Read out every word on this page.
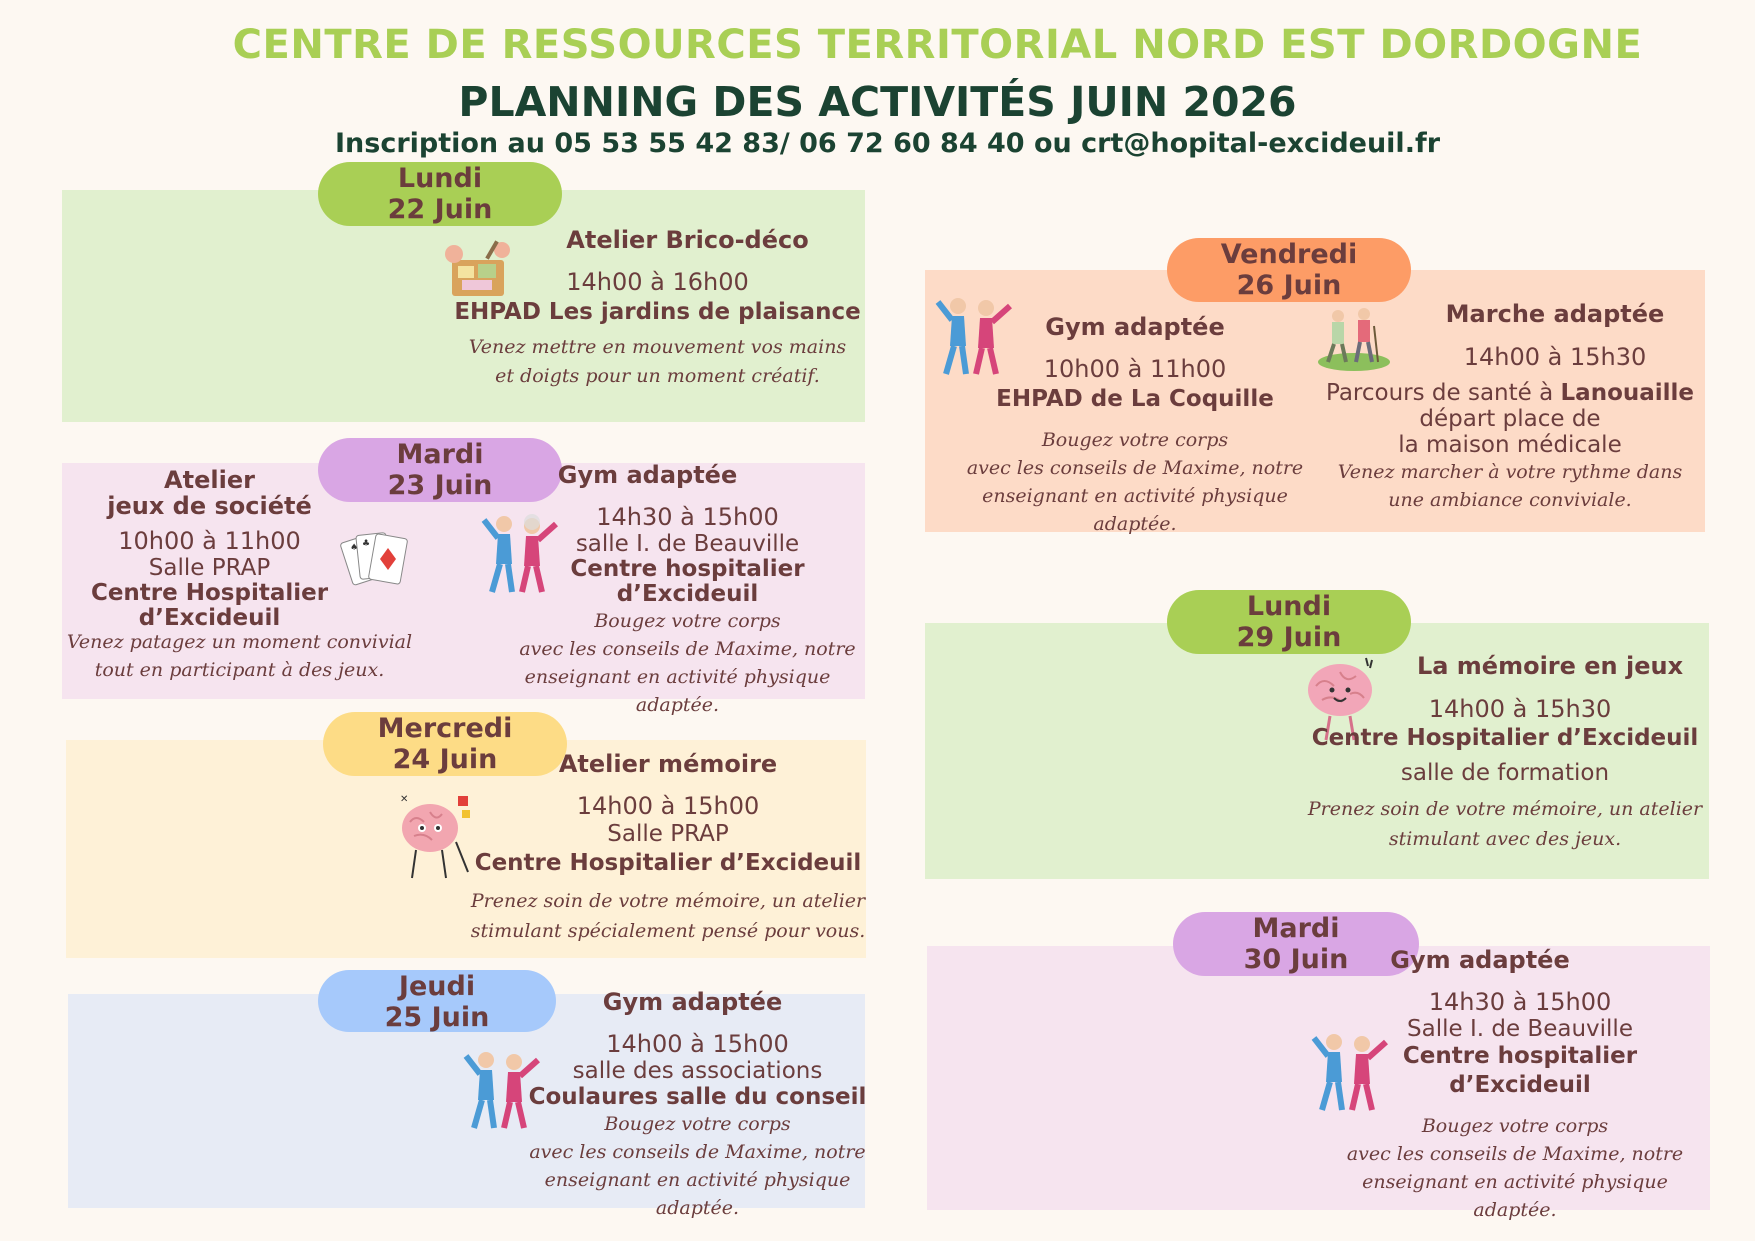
CENTRE DE RESSOURCES TERRITORIAL NORD EST DORDOGNE
PLANNING DES ACTIVITÉS JUIN 2026
Inscription au 05 53 55 42 83/ 06 72 60 84 40 ou crt@hopital-excideuil.fr
Lundi
22 Juin
Atelier Brico-déco
14h00 à 16h00
EHPAD Les jardins de plaisance
Venez mettre en mouvement vos mains
et doigts pour un moment créatif.
Mardi
23 Juin
Atelier
jeux de société
10h00 à 11h00
Salle PRAP
Centre Hospitalier
d’Excideuil
Venez patagez un moment convivial
tout en participant à des jeux.
♠ ♣
Gym adaptée
14h30 à 15h00
salle I. de Beauville
Centre hospitalier
d’Excideuil
Bougez votre corps
avec les conseils de Maxime, notre
enseignant en activité physique adaptée.
Mercredi
24 Juin
✕
Atelier mémoire
14h00 à 15h00
Salle PRAP
Centre Hospitalier d’Excideuil
Prenez soin de votre mémoire, un atelier
stimulant spécialement pensé pour vous.
Jeudi
25 Juin	Gym adaptée
14h00 à 15h00
salle des associations
Coulaures salle du conseil
Bougez votre corps
avec les conseils de Maxime, notre
enseignant en activité physique adaptée.
Vendredi
26 Juin
Gym adaptée
10h00 à 11h00
EHPAD de La Coquille
Bougez votre corps
avec les conseils de Maxime, notre
enseignant en activité physique adaptée.
Marche adaptée
14h00 à 15h30
Parcours de santé à Lanouaille
départ place de
la maison médicale
Venez marcher à votre rythme dans
une ambiance conviviale.
Lundi
29 Juin
La mémoire en jeux
14h00 à 15h30
Centre Hospitalier d’Excideuil
salle de formation
Prenez soin de votre mémoire, un atelier
stimulant avec des jeux.
Mardi
30 Juin	Gym adaptée
14h30 à 15h00
Salle I. de Beauville
Centre hospitalier
d’Excideuil
Bougez votre corps
avec les conseils de Maxime, notre
enseignant en activité physique adaptée.
